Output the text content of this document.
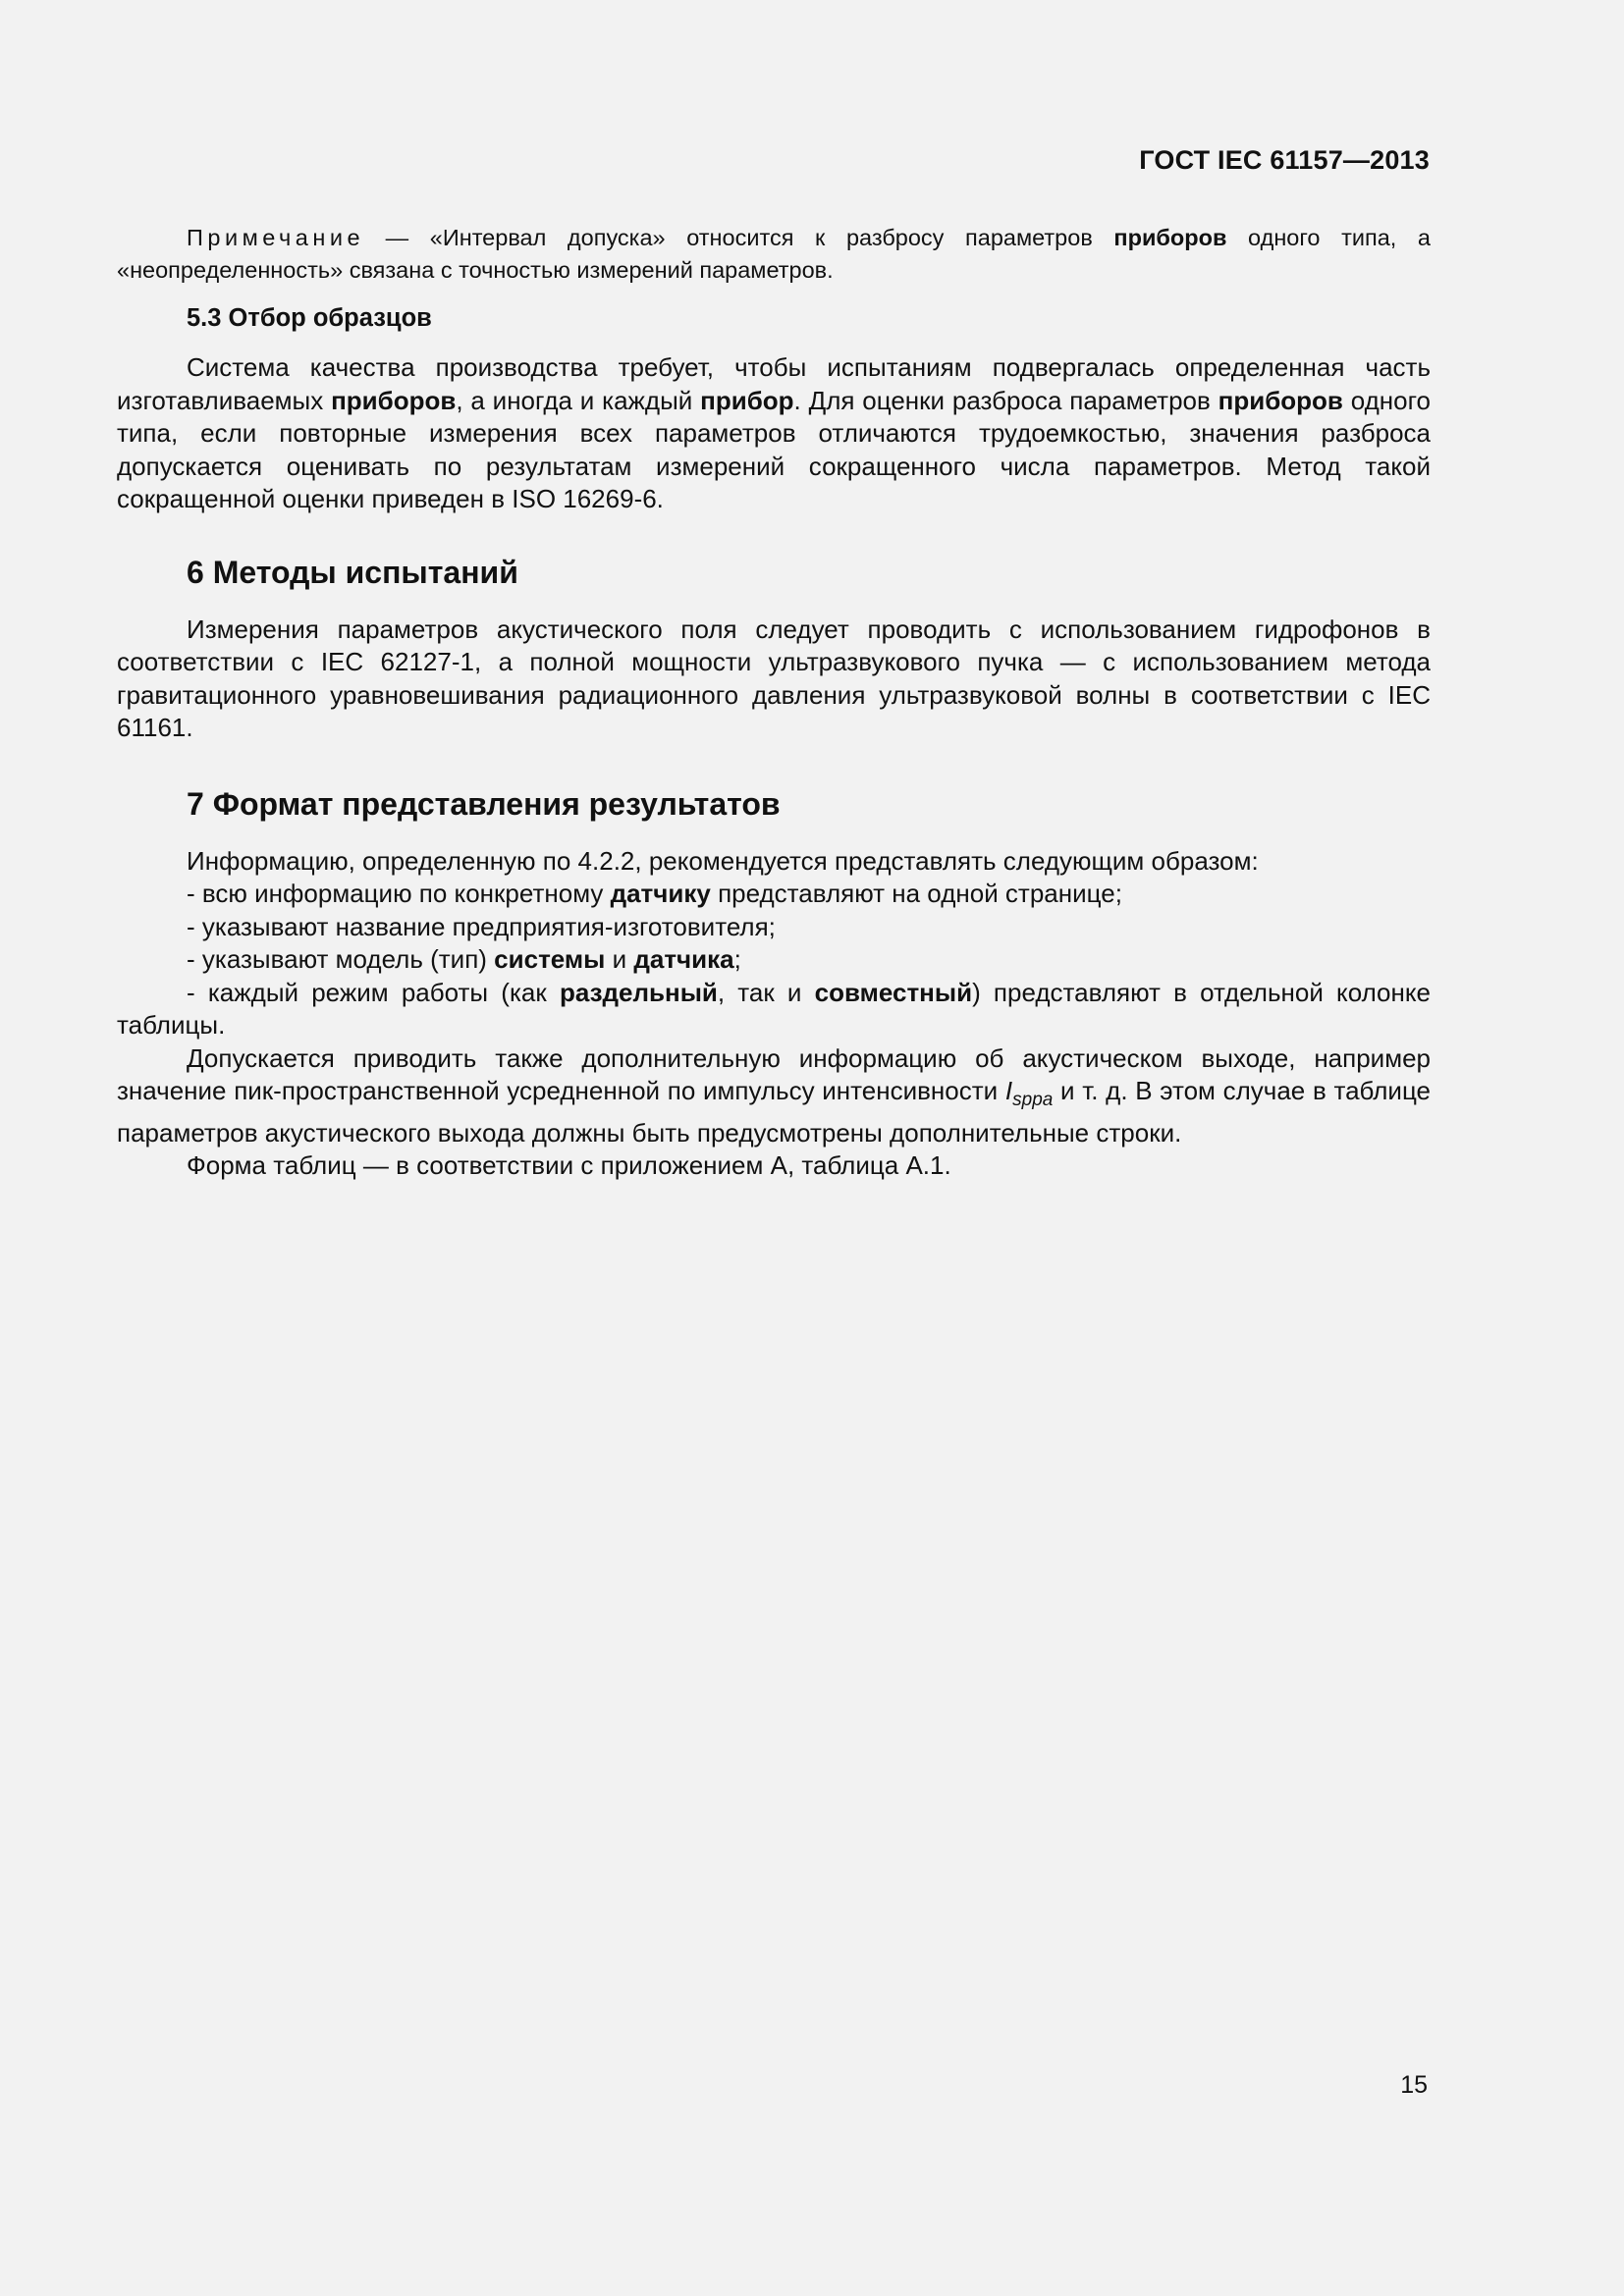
ГОСТ IEC 61157—2013

Примечание — «Интервал допуска» относится к разбросу параметров приборов одного типа, а «неопределенность» связана с точностью измерений параметров.

5.3 Отбор образцов

Система качества производства требует, чтобы испытаниям подвергалась определенная часть изготавливаемых приборов, а иногда и каждый прибор. Для оценки разброса параметров приборов одного типа, если повторные измерения всех параметров отличаются трудоемкостью, значения разброса допускается оценивать по результатам измерений сокращенного числа параметров. Метод такой сокращенной оценки приведен в ISO 16269-6.

6 Методы испытаний

Измерения параметров акустического поля следует проводить с использованием гидрофонов в соответствии с IEC 62127-1, а полной мощности ультразвукового пучка — с использованием метода гравитационного уравновешивания радиационного давления ультразвуковой волны в соответствии с IEC 61161.

7 Формат представления результатов

Информацию, определенную по 4.2.2, рекомендуется представлять следующим образом:

- всю информацию по конкретному датчику представляют на одной странице;

- указывают название предприятия-изготовителя;

- указывают модель (тип) системы и датчика;

- каждый режим работы (как раздельный, так и совместный) представляют в отдельной колонке таблицы.

Допускается приводить также дополнительную информацию об акустическом выходе, например значение пик-пространственной усредненной по импульсу интенсивности $I_{sppa}$ и т. д. В этом случае в таблице параметров акустического выхода должны быть предусмотрены дополнительные строки.

Форма таблиц — в соответствии с приложением А, таблица А.1.

15
